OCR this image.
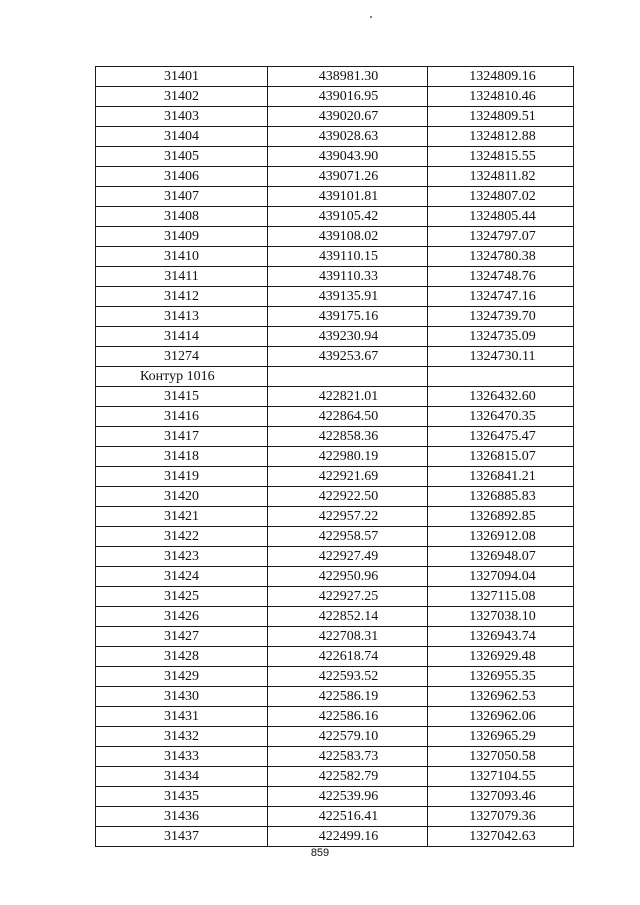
31401	438981.30	1324809.16
31402	439016.95	1324810.46
31403	439020.67	1324809.51
31404	439028.63	1324812.88
31405	439043.90	1324815.55
31406	439071.26	1324811.82
31407	439101.81	1324807.02
31408	439105.42	1324805.44
31409	439108.02	1324797.07
31410	439110.15	1324780.38
31411	439110.33	1324748.76
31412	439135.91	1324747.16
31413	439175.16	1324739.70
31414	439230.94	1324735.09
31274	439253.67	1324730.11
Контур 1016		
31415	422821.01	1326432.60
31416	422864.50	1326470.35
31417	422858.36	1326475.47
31418	422980.19	1326815.07
31419	422921.69	1326841.21
31420	422922.50	1326885.83
31421	422957.22	1326892.85
31422	422958.57	1326912.08
31423	422927.49	1326948.07
31424	422950.96	1327094.04
31425	422927.25	1327115.08
31426	422852.14	1327038.10
31427	422708.31	1326943.74
31428	422618.74	1326929.48
31429	422593.52	1326955.35
31430	422586.19	1326962.53
31431	422586.16	1326962.06
31432	422579.10	1326965.29
31433	422583.73	1327050.58
31434	422582.79	1327104.55
31435	422539.96	1327093.46
31436	422516.41	1327079.36
31437	422499.16	1327042.63
859
